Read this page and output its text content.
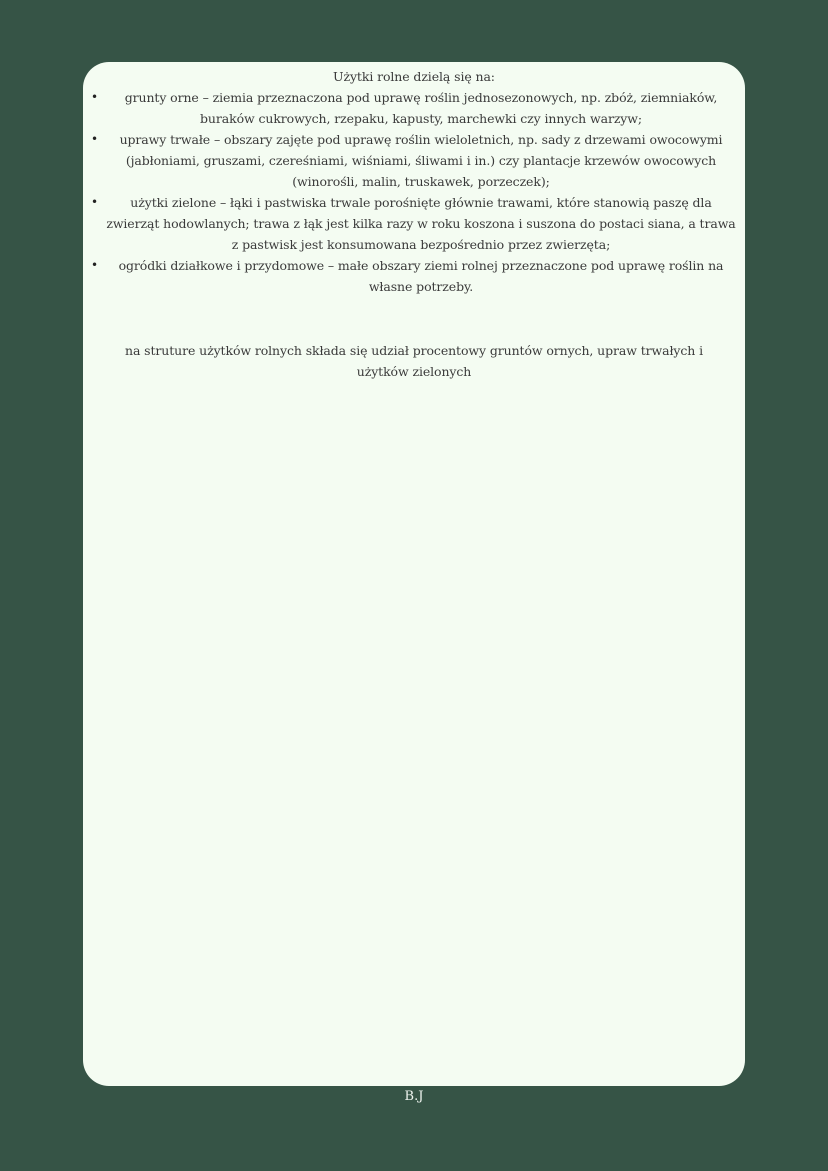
Użytki rolne dzielą się na:

• grunty orne – ziemia przeznaczona pod uprawę roślin jednosezonowych, np. zbóż, ziemniaków, buraków cukrowych, rzepaku, kapusty, marchewki czy innych warzyw;
• uprawy trwałe – obszary zajęte pod uprawę roślin wieloletnich, np. sady z drzewami owocowymi (jabłoniami, gruszami, czereśniami, wiśniami, śliwami i in.) czy plantacje krzewów owocowych (winorośli, malin, truskawek, porzeczek);
•	użytki zielone – łąki i pastwiska trwale porośnięte głównie trawami, które stanowią paszę dla zwierząt hodowlanych; trawa z łąk jest kilka razy w roku koszona i suszona do postaci siana, a trawa z pastwisk jest konsumowana bezpośrednio przez zwierzęta;
• ogródki działkowe i przydomowe – małe obszary ziemi rolnej przeznaczone pod uprawę roślin na własne potrzeby.

na struture użytków rolnych składa się udział procentowy gruntów ornych, upraw trwałych i użytków zielonych

B.J
